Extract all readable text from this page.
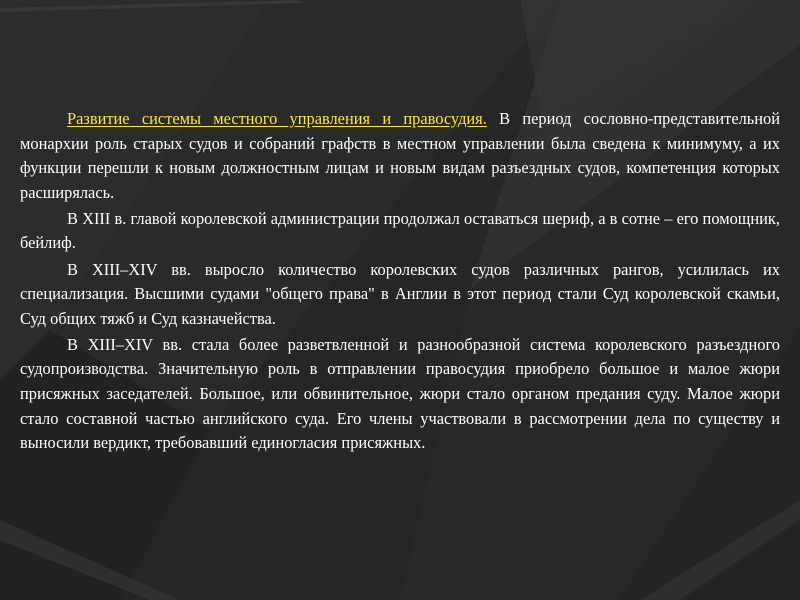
Развитие системы местного управления и правосудия. В период сословно-представительной монархии роль старых судов и собраний графств в местном управлении была сведена к минимуму, а их функции перешли к новым должностным лицам и новым видам разъездных судов, компетенция которых расширялась.

В XIII в. главой королевской администрации продолжал оставаться шериф, а в сотне – его помощник, бейлиф.

В XIII–XIV вв. выросло количество королевских судов различных рангов, усилилась их специализация. Высшими судами "общего права" в Англии в этот период стали Суд королевской скамьи, Суд общих тяжб и Суд казначейства.

В XIII–XIV вв. стала более разветвленной и разнообразной система королевского разъездного судопроизводства. Значительную роль в отправлении правосудия приобрело большое и малое жюри присяжных заседателей. Большое, или обвинительное, жюри стало органом предания суду. Малое жюри стало составной частью английского суда. Его члены участвовали в рассмотрении дела по существу и выносили вердикт, требовавший единогласия присяжных.
